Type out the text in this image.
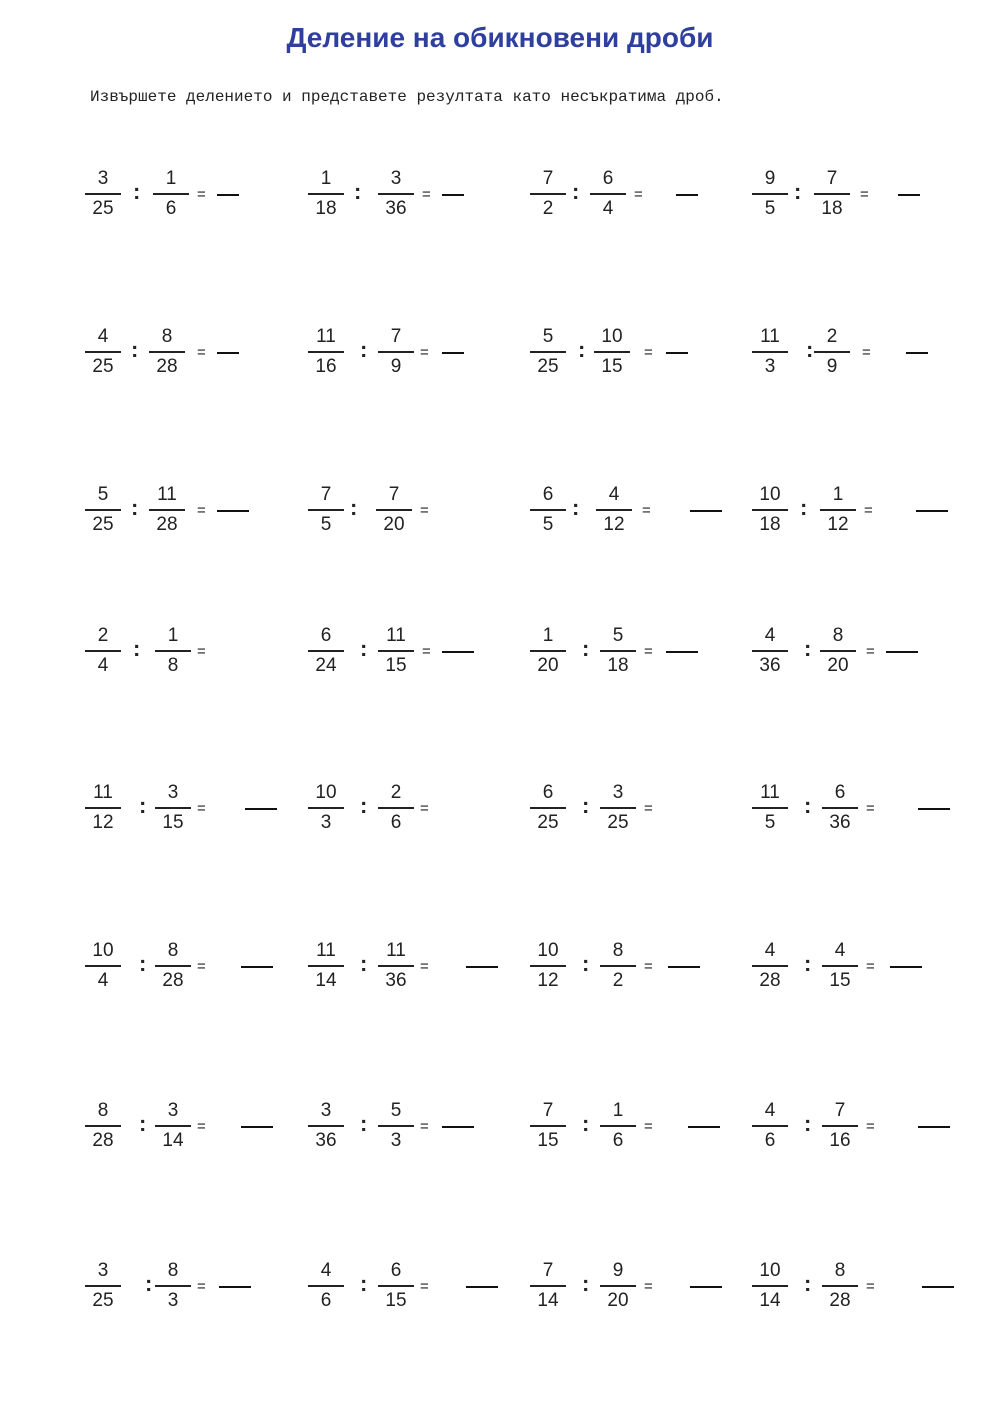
Деление на обикновени дроби
Извършете делението и представете резултата като несъкратима дроб.
3
25
:
1
6
=
1
18
:
3
36
=
7
2
:
6
4
=
9
5
:
7
18
=
4
25
:
8
28
=
11
16
:
7
9
=
5
25
:
10
15
=
11
3
:
2
9
=
5
25
:
11
28
=
7
5
:
7
20
=
6
5
:
4
12
=
10
18
:
1
12
=
2
4
:
1
8
=
6
24
:
11
15
=
1
20
:
5
18
=
4
36
:
8
20
=
11
12
:
3
15
=
10
3
:
2
6
=
6
25
:
3
25
=
11
5
:
6
36
=
10
4
:
8
28
=
11
14
:
11
36
=
10
12
:
8
2
=
4
28
:
4
15
=
8
28
:
3
14
=
3
36
:
5
3
=
7
15
:
1
6
=
4
6
:
7
16
=
3
25
:
8
3
=
4
6
:
6
15
=
7
14
:
9
20
=
10
14
:
8
28
=
